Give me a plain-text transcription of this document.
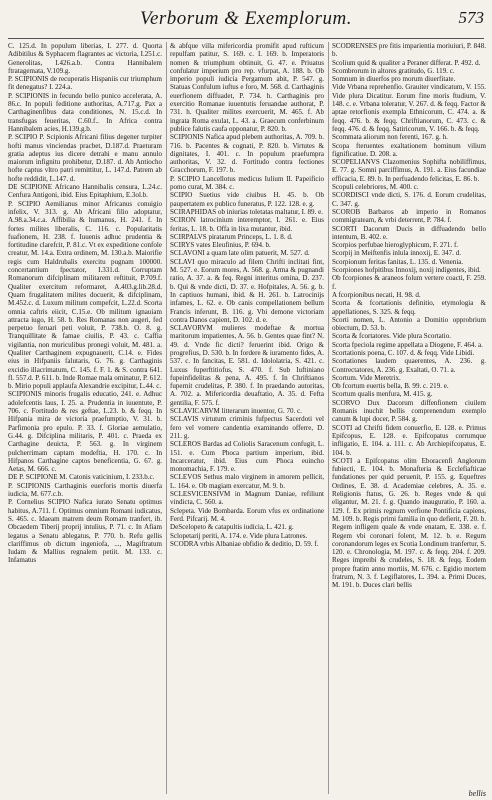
Verborum & Exemplorum.	573

C. 125.d. In populum liberias, I. 277. d. Quorta Adibitilus & Syphacem flagrantes ac victoria, I.251.c. Generolitas, I.426.a.b. Contra Hannibalem ftratagemata, V.109.g.

P. SCIPIONIS de recuperatis Hispaniis cur triumphum fit denegatus? I. 224.a.

P. SCIPIONIS in fecundo bello punico accelerata, A. 86.c. In populi feditione authoritas, A.717.g. Pax a Carthaginenfibus data conditiones, N. 15.c.d. In transfugas feueritas, C.60.f.. In Africa contra Hannibalem acies, H.139.g.b.

P. SCIPIO P. Scipionis Africani filius degener turpiter hofti manus vinciendas pracbet, D.187.d. Praeturam gratia adeptus ius dicere detrahi e manu annulo maiorum infignitu prohibetur, D.187. d. Ab Antiocho hofte captus vltro patri remittitur, L. 147.d. Patrem ab hofte reddidit, L.147. d.

DE SCIPIONE Africano Hannibalis censura, L.24.c. Cenfura Antigoni, ibid. Eius Epitaphium, E.3ol.b.

P. SCIPIO Aemilianus minor Africanus conuigio infelix, V. 313. g. Ab Africani filio adoptatur, A.98.a.34.c.a. Affibilia & humanus, H. 241. f. In fortes milites liberalis, C. 116. c. Popularitatis fuafionem, H. 238. f. Iuuenis adhuc prudentia & fortitudine clarefcit, P. 81.c. Vt ex expeditione confole creatur, M. 14.a. Extra ordinem, M. 130.a.b. Maiorifie regis cum Haldrubalis exercitu pugnam 100000. concertantium fpectator, I.331.d. Corruptam Romanorum difciplinam militarem reftituit, P.709.f. Qualiter exercitum reformaret, A.403.g.lib.28.d. Quam frugalitatem milites docuerit, & difciplinam, M.452.c. d. Luxum militum compefcit, L.22.d. Scorta omnia caftris eiicit, C.15.e. Ob militum ignauiam attracta iugo, H. 58. b. Res Romanas non augeri, fed perpetuo feruari peti voluit, P. 738.b. O. 8. g. Tranquillitate & famae ciuilis, P. 43. c. Caffia vigilantia, non muriculibus pronegi voluit, M. 481. a. Qualiter Carthaginem expugnauerit, C.14. e. Fides eius in Hifpaniis falutaris, G. 76. g. Carthaginis excidio illacrimatum, C. 145. f. F. 1. & S. contra 641. fl. 557.d. P. 611. b. Inde Romae mala ominatur, P. 612. b. Mirio populi applaufa Alexandrie excipitur, L.44. c.

SCIPIONIS minoris frugalis educatio, 241. e. Adhuc adolefcentis laus, I. 25. a. Prudentia in iuuentute, P. 706. c. Fortitudo & res geftae, L.23. b. & feqq. In Hifpania mira de victoria praefumptio, V. 31. b. Parfimonia pro epulo. P. 33. f. Gloriae aemulatio, G.44. g. Difciplina militaris, P. 401. c. Praeda ex Carthagine deuicta, P. 563. g. In virginem pulcherrimam captam modeftia, H. 170. c. In Hifpanos Carthagine captos beneficentia, G. 67. g. Aetas, M. 666. c.

DE P. SCIPIONE M. Catonis vaticinium, I. 233.b.c.

P. SCIPIONIS Carthaginis euerforis mortis diuerfa iudicia, M. 677.c.b.

P. Cornelius SCIPIO Nafica iurato Senatu optimus habitus, A.711. f. Optimus omnium Romani iudicatus, S. 465. c. Idaeam matrem deum Romam tranfert, ib. Obcaedem Tiberij proprij intulius, P. 71. c. In Afiam legatus a Senatu ablegatus, P. 770. b. Refu gellis clariffimus ob dictum ingeniofa, ..., Magiftratum Iudam & Mallius regnalem petiit. M. 133. c. Infamatus

& abfque villa mifericordia promifit apud rufticum repulfam patitur, S. 169. c. I. 169. b. Imperatoris nomen & triumphum obtinuit, G. 47. e. Priuatus confulatur imperium pro rep. vfurpat, A. 188. b. Ob imperio populi iudicia Pergamum abit, P. 547. g. Statuas Confulum iuftus e foro, M. 568. d. Carthaginis euerfionem diffuadet, P. 734. h. Carthaginis pro exercitio Romanae iuuentutis feruandae authorat, P. 731. h. Qualiter milites exercuerit, M. 465. f. Ab ingrata Roma exulat, L. 43. a. Graecum conferbinum publice falutis caufa opponatur, P. 820. b.

SCIPIONIS Nafica apud plebem authoritas, A. 709. b. 716. b. Pacentes & cognati, P. 820. b. Virtutes & dignitates, I. 401. c. In populum praefumpra authoritas, V. 32. d. Fortitudo contra fectiones Gracchorum, F. 197. b.

P. SCIPIO Lancellotus medicus Iulium II. Papeificio pomo curat, M. 384. c.

SCIPIO Suetius vide ciuibus H. 45. b. Ob paupertatem ex publico funeratus, P. 122. 128. e. g.

SCIRAPHIDAS ob iniurias toletatas maltatur, I. 89. e.

SCIRON latrocinium interemptor, I. 261. e. Eius feritas, L. 18. b. Offa in lixa mutantur, ibid.

SCIRPALVS piratarum Princeps, L. 1. 8. d.

SCIRYS vates Eleufinius, P. 694. b.

SCLAVONI a quam late olim patuerit, M. 527. d.

SCLAVI quo miraculo ad filem Chrifti inclitati fint, M. 527. e. Eorum mores, A. 568. g. Arma & pugnandi ratio, A. 37. a. & feq. Regni interitus omina, D. 237. b. Qui & vnde dicti, D. 37. e. Hofpitales, A. 56. g. b. In captiuos humani, ibid. & H. 261. b. Latrocinijs infames, L. 62. e. Ob canis compellationem bellum Francis inferunt, B. 116. g. Vbi demone victoriam contra Danos capient, D. 102. d. e.

SCLAVORVM mulieres modeftae & mortua maritorum impatientes, A. 56. b. Gentes quae fint? N. 49. d. Vnde fic dicti? feruerint ibid. Origo & progrefius, D. 530. b. In fordere & iuramento fides, A. 537. c. In fancitas, E. 581. d. Idololatria, S. 421. c. Luxus fuperftitiofus, S. 470. f. Sub Iuftiniano fupeinfidelitas & pena, A. 495. f. In Chriftianos fupernit crudelitas, P. 380. f. In praedando autoritas, A. 702. a. Mifericordia deuaftatio, A. 35. d. Fefta gentilia, F. 575. f.

SCLAVICARVM litterarum inuentor, G. 70. c.

SCLAVIS virtutum criminis fufpectus Sacerdoti vel fero vel vomere candentia examinando offerre, D. 211. g.

SCLEROS Bardas ad Coliolis Saracenum confugit, L. 151. e. Cum Phoca partium imperium, ibid. Incarceratur, ibid. Eius cum Phoca euincho monomachia, F. 179. e.

SCLEVOS Sethus malo virginem in amorem pellicit, L. 164. e. Ob magiam exercatur, M. 9. b.

SCLESVICENSIVM in Magnum Daniae, refiliunt vindicta, C. 560. a.

Sclepeta. Vide Bombarda. Eorum vfus ex ordinatione Ferd. Pifcarij. M. 4.

DeScelopeto & catapultis iudicia, L. 421. g.

Sclopetarij periti, A. 174. e. Vide plura Latrones.

SCODRA vrbis Albaniae obfidio & deditio, D. 59. f.

SCODRENSES pre fitis imparientia moriuiuri, P. 848. b.

Scolium quid & qualiter a Peraner differat. P. 492. d.

Scombrorum in altores gratitudo, G. 119. c.

Somnum in diuerfos pro morum diuerfitate.

Vide Vrbana reprehenfio. Grauiter vindicatum, V. 155. Vide plura Dicatitur. Eorum fine moris ftudium, V. 148. c. e. Vrbana toleratur, V. 267. d. & feqq. Factor & aptae retorfionis exempla Ethnicorum, C. 474. a. & feqq. 476. b. & feqq. Chriftianorum, C. 473. c. & feqq. 476. d. & feqq. Satiricorum, V. 166. b. & feqq.

Scommata aliorum non ferenti, 167. g. h.

Scopa fteruentes exaltationem hominum vilium fignificatiue. D. 208. a.

SCOPELIANVS Clazomenius Sophifta nobiliffimus, E. 77. g. Somni parciffimus, A. 191. a. Eius facundiae efficacia, E. 89. b. In perfuadendo felicitas, E. 86. b.

Scopuli celebriores, M. 400. c.

SCORDISCI vnde dicti, S. 176. d. Eorum crudelitas, C. 347. g.

SCOROB Barbaros ab imperio in Romanos commigrateam, & vrbi deterrent, P. 784. f.

SCORTI Dacorum Ducis in diffuadendo bello intentum, B. 402. e.

Scorpios perfubae hieroglyphicum, F. 271. f.

Scorpij in Meiftenfis inlula innoxij, E. 347. d.

Scorpionum feritas fanitas, L. 135. d. Venenia.

Scorpiones hofpitibus Innoxij, noxij indigentes, ibid.

Ob fcorpiones & araneos folum vertere coacti, F. 259. f.

A fcorpionibus necati, H. 98. d.

Scorta & fcortationis definitio, etymologia & appellationes, S. 325. & feqq.

Scorti nomen, L. Antonio a Domitio opprobrium obiectum, D. 53. b.

Scorta & fcortatores. Vide plura Scortatio.

Scorta fpeciola regime appellata a Diogene, F. 464. a.

Scortationis poena, C. 107. d. & feqq. Vide Libidi.

Scortationes laudem quaerentes, A. 236. g. Contrectatores, A. 236. g. Exaltati, O. 71. a.

Scortum. Vide Meretrix.

Ob fcortum euertis bella, B. 99. c. 219. e.

Scortum qualis menfura, M. 415. g.

SCORVO Dux Dacorum diffenfionem ciuilem Romanis inuchit bellis comprenendum exemplo canum & lupi docer, P. 584. g.

SCOTI ad Chrifti fidem conuerfio, E. 128. e. Primus Epifcopus, E. 128. e. Epifcopatus corrumque infligatio, E. 104. a. 111. c. Ab Archiepifcopatus, E. 104. b.

SCOTI a Epifcopatus olim Eboracenfi Anglorum fubiecti, E. 104. b. Monafteria & Ecclefiafticae fundationes per quid peruenit, P. 155. g. Equeftres Ordines, E. 38. d. Academiae celebres, A. 35. e. Religionis ftatus, G. 26. b. Reges vnde & qui eligantur, M. 21. f. g. Quando inauguratio, P. 160. a. 129. f. Ex primis regnum verfione Pontificia capiens, M. 109. b. Regis primi familia in quo defierit, F. 20. b. Regem infligem quale & vnde enatam, E. 338. e. f. Regem vbi coronari folent, M. 12. b. e. Regum coronandorum leges ex Scotia Londinum tranfertur, S. 120. e. Chronologia, M. 197. c. & feqq. 204. f. 209. Reges impreibi & crudeles, S. 18. & feqq. Eodem propre ftatim anno mortiis, M. 676. c. Egidio mortem fratrum, N. 3. f. Legiflatores, L. 394. a. Primi Duces, M. 191. b. Duces clari bellis

bellis
